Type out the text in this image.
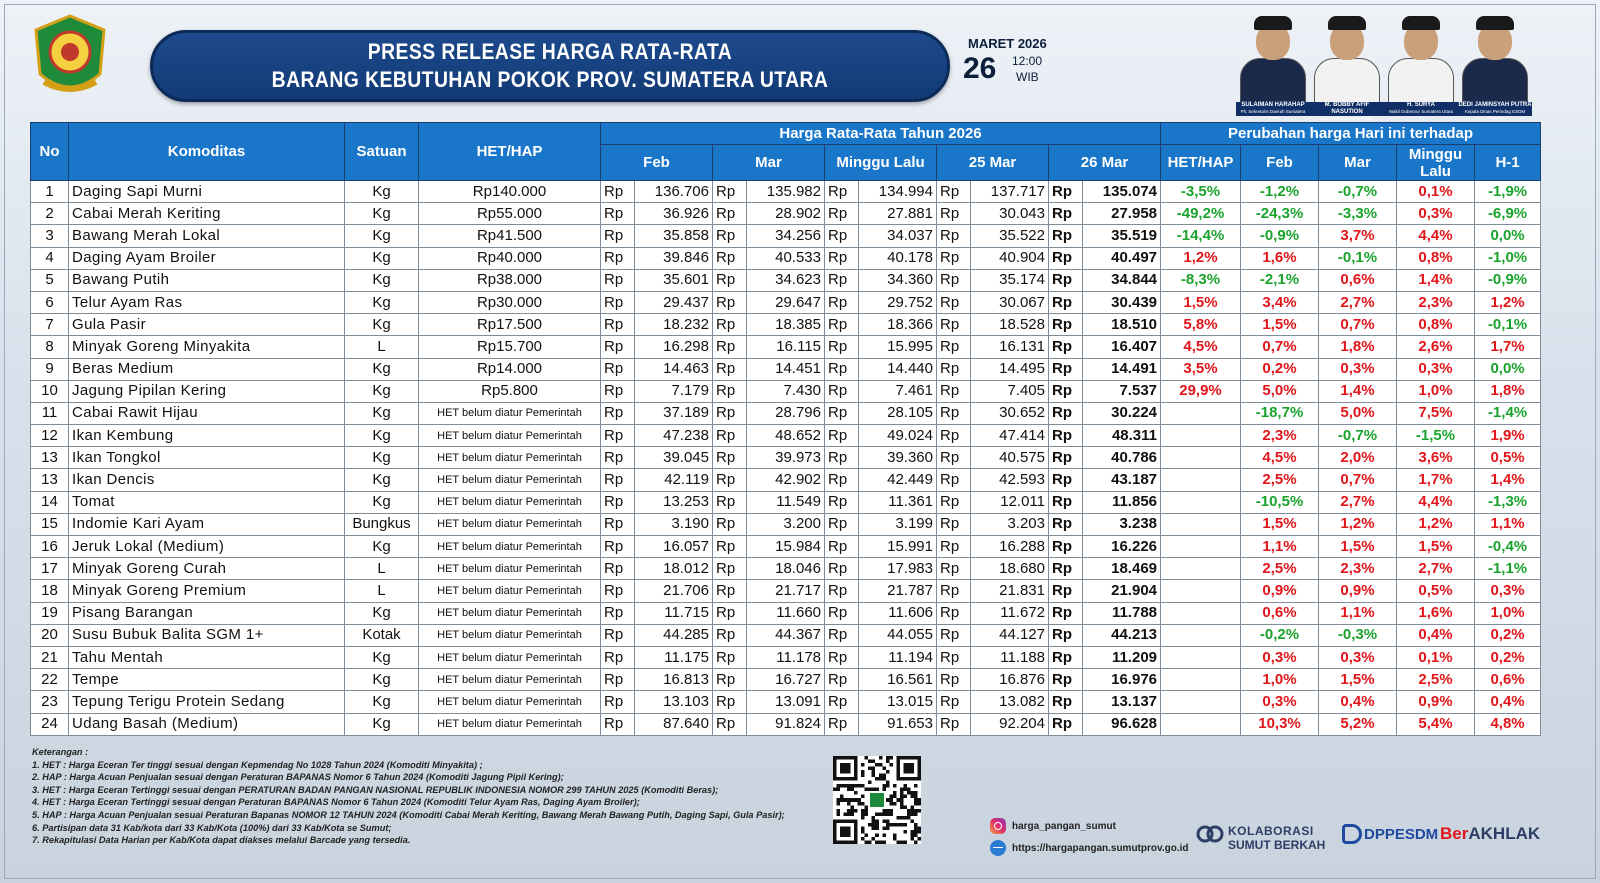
PRESS RELEASE HARGA RATA-RATA
BARANG KEBUTUHAN POKOK PROV. SUMATERA UTARA
MARET 2026
26 12:00
WIB
SULAIMAN HARAHAP
Plt. Sekretaris Daerah Sumatera Utara
M. BOBBY AFIF NASUTION
Gubernur Sumatera Utara
H. SURYA
Wakil Gubernur Sumatera Utara
DEDI JAMINSYAH PUTRA
Kepala Dinas Perindag ESDM Provsu
No	Komoditas	Satuan	HET/HAP	Harga Rata-Rata Tahun 2026										Perubahan harga Hari ini terhadap				
				Feb		Mar		Minggu Lalu		25 Mar		26 Mar		HET/HAP	Feb	Mar	Minggu Lalu	H-1
1	Daging Sapi Murni	Kg	Rp140.000	Rp	136.706	Rp	135.982	Rp	134.994	Rp	137.717	Rp	135.074	-3,5%	-1,2%	-0,7%	0,1%	-1,9%
2	Cabai Merah Keriting	Kg	Rp55.000	Rp	36.926	Rp	28.902	Rp	27.881	Rp	30.043	Rp	27.958	-49,2%	-24,3%	-3,3%	0,3%	-6,9%
3	Bawang Merah Lokal	Kg	Rp41.500	Rp	35.858	Rp	34.256	Rp	34.037	Rp	35.522	Rp	35.519	-14,4%	-0,9%	3,7%	4,4%	0,0%
4	Daging Ayam Broiler	Kg	Rp40.000	Rp	39.846	Rp	40.533	Rp	40.178	Rp	40.904	Rp	40.497	1,2%	1,6%	-0,1%	0,8%	-1,0%
5	Bawang Putih	Kg	Rp38.000	Rp	35.601	Rp	34.623	Rp	34.360	Rp	35.174	Rp	34.844	-8,3%	-2,1%	0,6%	1,4%	-0,9%
6	Telur Ayam Ras	Kg	Rp30.000	Rp	29.437	Rp	29.647	Rp	29.752	Rp	30.067	Rp	30.439	1,5%	3,4%	2,7%	2,3%	1,2%
7	Gula Pasir	Kg	Rp17.500	Rp	18.232	Rp	18.385	Rp	18.366	Rp	18.528	Rp	18.510	5,8%	1,5%	0,7%	0,8%	-0,1%
8	Minyak Goreng Minyakita	L	Rp15.700	Rp	16.298	Rp	16.115	Rp	15.995	Rp	16.131	Rp	16.407	4,5%	0,7%	1,8%	2,6%	1,7%
9	Beras Medium	Kg	Rp14.000	Rp	14.463	Rp	14.451	Rp	14.440	Rp	14.495	Rp	14.491	3,5%	0,2%	0,3%	0,3%	0,0%
10	Jagung Pipilan Kering	Kg	Rp5.800	Rp	7.179	Rp	7.430	Rp	7.461	Rp	7.405	Rp	7.537	29,9%	5,0%	1,4%	1,0%	1,8%
11	Cabai Rawit Hijau	Kg	HET belum diatur Pemerintah	Rp	37.189	Rp	28.796	Rp	28.105	Rp	30.652	Rp	30.224		-18,7%	5,0%	7,5%	-1,4%
12	Ikan Kembung	Kg	HET belum diatur Pemerintah	Rp	47.238	Rp	48.652	Rp	49.024	Rp	47.414	Rp	48.311		2,3%	-0,7%	-1,5%	1,9%
13	Ikan Tongkol	Kg	HET belum diatur Pemerintah	Rp	39.045	Rp	39.973	Rp	39.360	Rp	40.575	Rp	40.786		4,5%	2,0%	3,6%	0,5%
13	Ikan Dencis	Kg	HET belum diatur Pemerintah	Rp	42.119	Rp	42.902	Rp	42.449	Rp	42.593	Rp	43.187		2,5%	0,7%	1,7%	1,4%
14	Tomat	Kg	HET belum diatur Pemerintah	Rp	13.253	Rp	11.549	Rp	11.361	Rp	12.011	Rp	11.856		-10,5%	2,7%	4,4%	-1,3%
15	Indomie Kari Ayam	Bungkus	HET belum diatur Pemerintah	Rp	3.190	Rp	3.200	Rp	3.199	Rp	3.203	Rp	3.238		1,5%	1,2%	1,2%	1,1%
16	Jeruk Lokal (Medium)	Kg	HET belum diatur Pemerintah	Rp	16.057	Rp	15.984	Rp	15.991	Rp	16.288	Rp	16.226		1,1%	1,5%	1,5%	-0,4%
17	Minyak Goreng Curah	L	HET belum diatur Pemerintah	Rp	18.012	Rp	18.046	Rp	17.983	Rp	18.680	Rp	18.469		2,5%	2,3%	2,7%	-1,1%
18	Minyak Goreng Premium	L	HET belum diatur Pemerintah	Rp	21.706	Rp	21.717	Rp	21.787	Rp	21.831	Rp	21.904		0,9%	0,9%	0,5%	0,3%
19	Pisang Barangan	Kg	HET belum diatur Pemerintah	Rp	11.715	Rp	11.660	Rp	11.606	Rp	11.672	Rp	11.788		0,6%	1,1%	1,6%	1,0%
20	Susu Bubuk Balita SGM 1+	Kotak	HET belum diatur Pemerintah	Rp	44.285	Rp	44.367	Rp	44.055	Rp	44.127	Rp	44.213		-0,2%	-0,3%	0,4%	0,2%
21	Tahu Mentah	Kg	HET belum diatur Pemerintah	Rp	11.175	Rp	11.178	Rp	11.194	Rp	11.188	Rp	11.209		0,3%	0,3%	0,1%	0,2%
22	Tempe	Kg	HET belum diatur Pemerintah	Rp	16.813	Rp	16.727	Rp	16.561	Rp	16.876	Rp	16.976		1,0%	1,5%	2,5%	0,6%
23	Tepung Terigu Protein Sedang	Kg	HET belum diatur Pemerintah	Rp	13.103	Rp	13.091	Rp	13.015	Rp	13.082	Rp	13.137		0,3%	0,4%	0,9%	0,4%
24	Udang Basah (Medium)	Kg	HET belum diatur Pemerintah	Rp	87.640	Rp	91.824	Rp	91.653	Rp	92.204	Rp	96.628		10,3%	5,2%	5,4%	4,8%
Keterangan :
1. HET : Harga Eceran Ter tinggi sesuai dengan Kepmendag No 1028 Tahun 2024 (Komoditi Minyakita) ;
2. HAP : Harga Acuan Penjualan sesuai dengan Peraturan BAPANAS Nomor 6 Tahun 2024 (Komoditi Jagung Pipil Kering);
3. HET : Harga Eceran Tertinggi sesuai dengan PERATURAN BADAN PANGAN NASIONAL REPUBLIK INDONESIA NOMOR 299 TAHUN 2025 (Komoditi Beras);
4. HET : Harga Eceran Tertinggi sesuai dengan Peraturan BAPANAS Nomor 6 Tahun 2024 (Komoditi Telur Ayam Ras, Daging Ayam Broiler);
5. HAP : Harga Acuan Penjualan sesuai Peraturan Bapanas NOMOR 12 TAHUN 2024 (Komoditi Cabai Merah Keriting, Bawang Merah Bawang Putih, Daging Sapi, Gula Pasir);
6. Partisipan data 31 Kab/kota dari 33 Kab/Kota (100%) dari 33 Kab/Kota se Sumut;
7. Rekapitulasi Data Harian per Kab/Kota dapat diakses melalui Barcade yang tersedia.
harga_pangan_sumut
https://hargapangan.sumutprov.go.id
KOLABORASI
SUMUT BERKAH
DPPESDM BerAKHLAK
